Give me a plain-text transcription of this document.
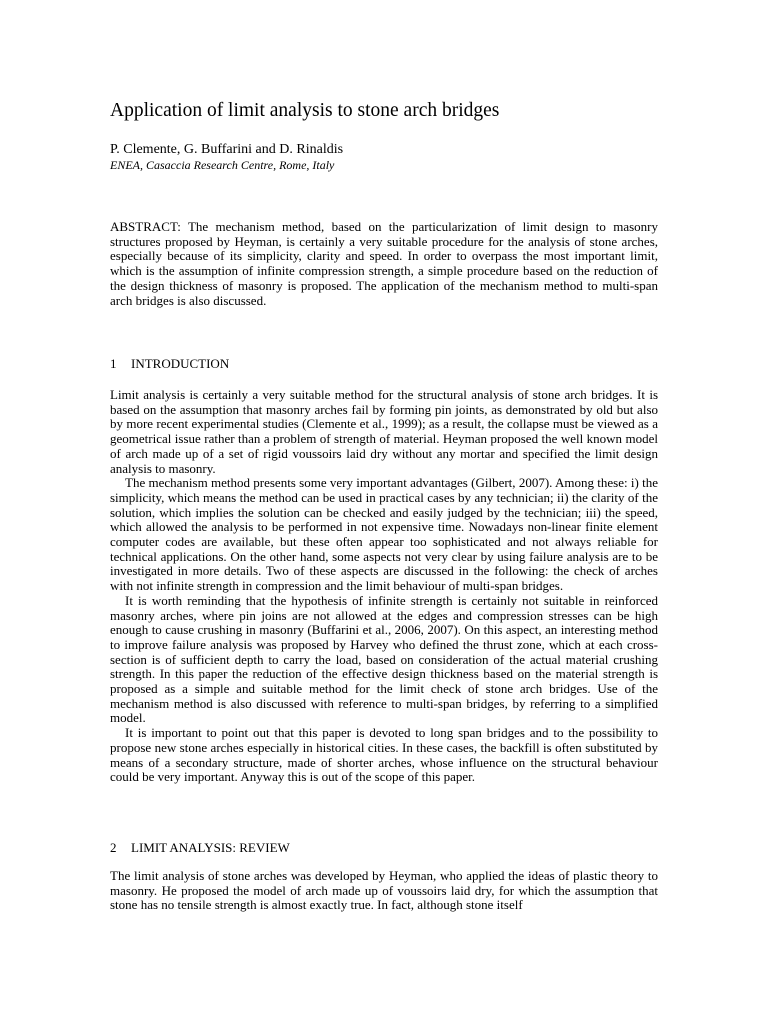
Application of limit analysis to stone arch bridges
P. Clemente, G. Buffarini and D. Rinaldis
ENEA, Casaccia Research Centre, Rome, Italy

ABSTRACT: The mechanism method, based on the particularization of limit design to masonry structures proposed by Heyman, is certainly a very suitable procedure for the analysis of stone arches, especially because of its simplicity, clarity and speed. In order to overpass the most important limit, which is the assumption of infinite compression strength, a simple procedure based on the reduction of the design thickness of masonry is proposed. The application of the mechanism method to multi-span arch bridges is also discussed.

1 INTRODUCTION

Limit analysis is certainly a very suitable method for the structural analysis of stone arch bridges. It is based on the assumption that masonry arches fail by forming pin joints, as demonstrated by old but also by more recent experimental studies (Clemente et al., 1999); as a result, the collapse must be viewed as a geometrical issue rather than a problem of strength of material. Heyman proposed the well known model of arch made up of a set of rigid voussoirs laid dry without any mortar and specified the limit design analysis to masonry.

The mechanism method presents some very important advantages (Gilbert, 2007). Among these: i) the simplicity, which means the method can be used in practical cases by any technician; ii) the clarity of the solution, which implies the solution can be checked and easily judged by the technician; iii) the speed, which allowed the analysis to be performed in not expensive time. Nowadays non-linear finite element computer codes are available, but these often appear too sophisticated and not always reliable for technical applications. On the other hand, some aspects not very clear by using failure analysis are to be investigated in more details. Two of these aspects are discussed in the following: the check of arches with not infinite strength in compression and the limit behaviour of multi-span bridges.

It is worth reminding that the hypothesis of infinite strength is certainly not suitable in reinforced masonry arches, where pin joins are not allowed at the edges and compression stresses can be high enough to cause crushing in masonry (Buffarini et al., 2006, 2007). On this aspect, an interesting method to improve failure analysis was proposed by Harvey who defined the thrust zone, which at each cross-section is of sufficient depth to carry the load, based on consideration of the actual material crushing strength. In this paper the reduction of the effective design thickness based on the material strength is proposed as a simple and suitable method for the limit check of stone arch bridges. Use of the mechanism method is also discussed with reference to multi-span bridges, by referring to a simplified model.

It is important to point out that this paper is devoted to long span bridges and to the possibility to propose new stone arches especially in historical cities. In these cases, the backfill is often substituted by means of a secondary structure, made of shorter arches, whose influence on the structural behaviour could be very important. Anyway this is out of the scope of this paper.

2 LIMIT ANALYSIS: REVIEW

The limit analysis of stone arches was developed by Heyman, who applied the ideas of plastic theory to masonry. He proposed the model of arch made up of voussoirs laid dry, for which the assumption that stone has no tensile strength is almost exactly true. In fact, although stone itself
